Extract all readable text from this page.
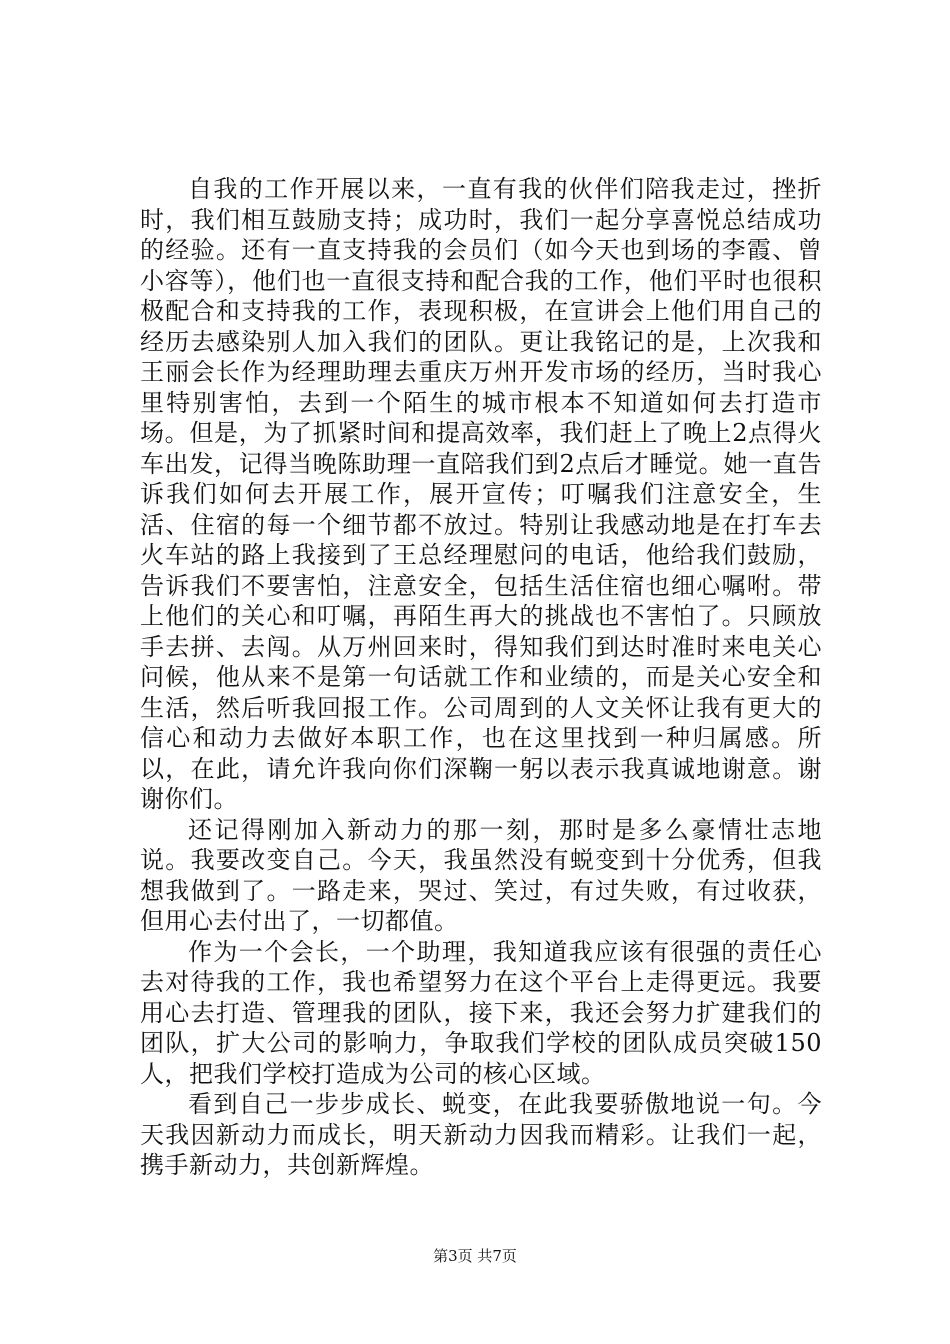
自我的工作开展以来，一直有我的伙伴们陪我走过，挫折时，我们相互鼓励支持；成功时，我们一起分享喜悦总结成功的经验。还有一直支持我的会员们（如今天也到场的李霞、曾小容等），他们也一直很支持和配合我的工作，他们平时也很积极配合和支持我的工作，表现积极，在宣讲会上他们用自己的经历去感染别人加入我们的团队。更让我铭记的是，上次我和王丽会长作为经理助理去重庆万州开发市场的经历，当时我心里特别害怕，去到一个陌生的城市根本不知道如何去打造市场。但是，为了抓紧时间和提高效率，我们赶上了晚上2点得火车出发，记得当晚陈助理一直陪我们到2点后才睡觉。她一直告诉我们如何去开展工作，展开宣传；叮嘱我们注意安全，生活、住宿的每一个细节都不放过。特别让我感动地是在打车去火车站的路上我接到了王总经理慰问的电话，他给我们鼓励，告诉我们不要害怕，注意安全，包括生活住宿也细心嘱咐。带上他们的关心和叮嘱，再陌生再大的挑战也不害怕了。只顾放手去拼、去闯。从万州回来时，得知我们到达时准时来电关心问候，他从来不是第一句话就工作和业绩的，而是关心安全和生活，然后听我回报工作。公司周到的人文关怀让我有更大的信心和动力去做好本职工作，也在这里找到一种归属感。所以，在此，请允许我向你们深鞠一躬以表示我真诚地谢意。谢谢你们。

还记得刚加入新动力的那一刻，那时是多么豪情壮志地说。我要改变自己。今天，我虽然没有蜕变到十分优秀，但我想我做到了。一路走来，哭过、笑过，有过失败，有过收获，但用心去付出了，一切都值。

作为一个会长，一个助理，我知道我应该有很强的责任心去对待我的工作，我也希望努力在这个平台上走得更远。我要用心去打造、管理我的团队，接下来，我还会努力扩建我们的团队，扩大公司的影响力，争取我们学校的团队成员突破150人，把我们学校打造成为公司的核心区域。

看到自己一步步成长、蜕变，在此我要骄傲地说一句。今天我因新动力而成长，明天新动力因我而精彩。让我们一起，携手新动力，共创新辉煌。

第3页 共7页
